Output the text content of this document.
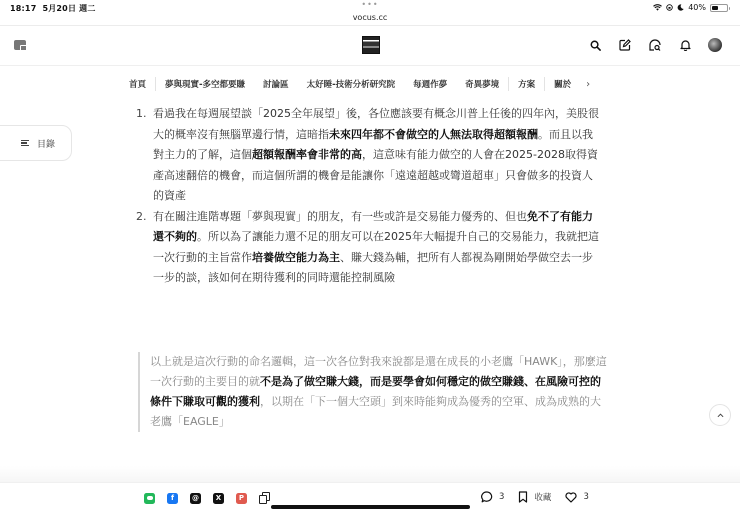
18:17 5月20日 週二	•••	40%
vocus.cc
首頁	夢與現實-多空都要賺	討論區	太好睡-技術分析研究院	每週作夢	奇異夢境	方案	關於	›
目錄
1. 看過我在每週展望談「2025全年展望」後，各位應該要有概念川普上任後的四年內，美股很大的概率沒有無腦單邊行情，這暗指未來四年都不會做空的人無法取得超額報酬。而且以我對主力的了解，這個超額報酬率會非常的高，這意味有能力做空的人會在2025-2028取得資產高速翻倍的機會，而這個所謂的機會是能讓你「遠遠超越或彎道超車」只會做多的投資人的資產
2. 有在關注進階專題「夢與現實」的朋友，有一些或許是交易能力優秀的、但也免不了有能力還不夠的。所以為了讓能力還不足的朋友可以在2025年大幅提升自己的交易能力，我就把這一次行動的主旨當作培養做空能力為主、賺大錢為輔，把所有人都視為剛開始學做空去一步一步的談，該如何在期待獲利的同時還能控制風險
以上就是這次行動的命名邏輯，這一次各位對我來說都是還在成長的小老鷹「HAWK」，那麼這一次行動的主要目的就不是為了做空賺大錢，而是要學會如何穩定的做空賺錢、在風險可控的條件下賺取可觀的獲利，以期在「下一個大空頭」到來時能夠成為優秀的空軍、成為成熟的大老鷹「EAGLE」
f	@	X	P	3	收藏	3
